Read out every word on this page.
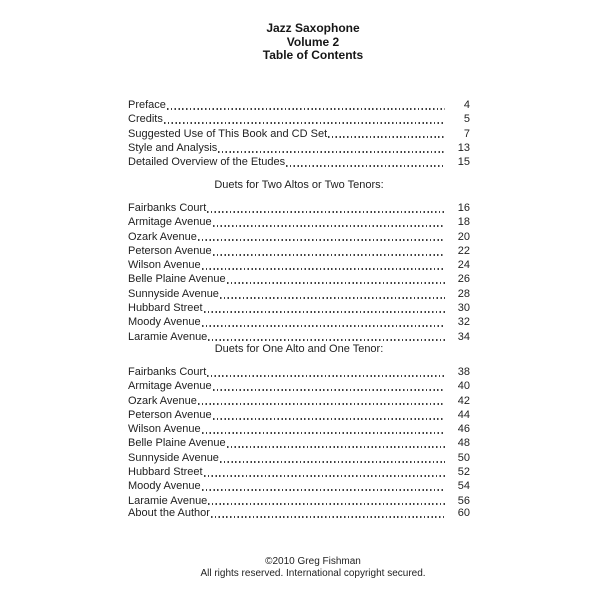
Jazz Saxophone
Volume 2
Table of Contents
Preface	4
Credits	5
Suggested Use of This Book and CD Set	7
Style and Analysis	13
Detailed Overview of the Etudes	15
Duets for Two Altos or Two Tenors:
Fairbanks Court	16
Armitage Avenue	18
Ozark Avenue	20
Peterson Avenue	22
Wilson Avenue	24
Belle Plaine Avenue	26
Sunnyside Avenue	28
Hubbard Street	30
Moody Avenue	32
Laramie Avenue	34
Duets for One Alto and One Tenor:
Fairbanks Court	38
Armitage Avenue	40
Ozark Avenue	42
Peterson Avenue	44
Wilson Avenue	46
Belle Plaine Avenue	48
Sunnyside Avenue	50
Hubbard Street	52
Moody Avenue	54
Laramie Avenue	56
About the Author	60
©2010 Greg Fishman
All rights reserved. International copyright secured.
